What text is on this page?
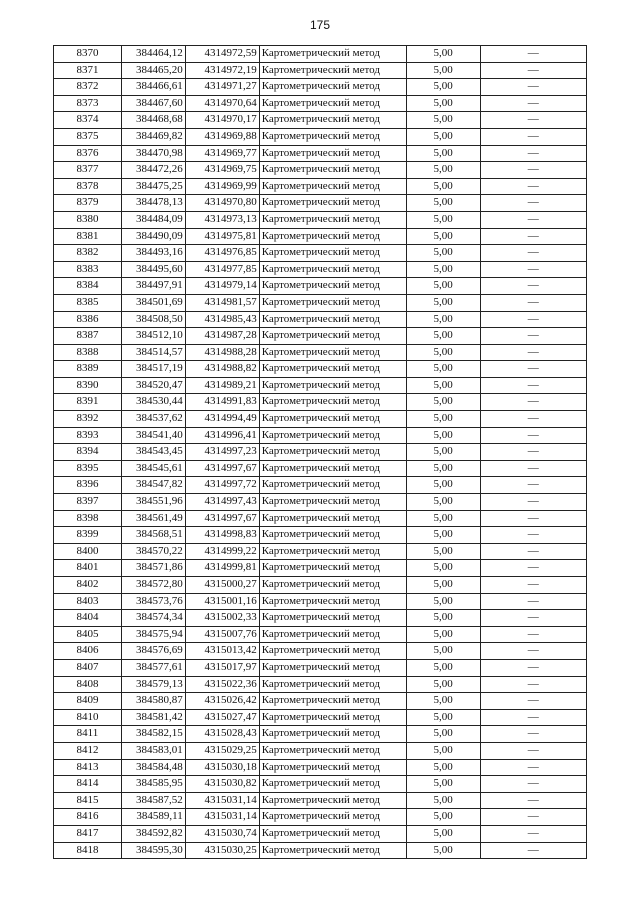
175
8370	384464,12	4314972,59	Картометрический метод	5,00	—
8371	384465,20	4314972,19	Картометрический метод	5,00	—
8372	384466,61	4314971,27	Картометрический метод	5,00	—
8373	384467,60	4314970,64	Картометрический метод	5,00	—
8374	384468,68	4314970,17	Картометрический метод	5,00	—
8375	384469,82	4314969,88	Картометрический метод	5,00	—
8376	384470,98	4314969,77	Картометрический метод	5,00	—
8377	384472,26	4314969,75	Картометрический метод	5,00	—
8378	384475,25	4314969,99	Картометрический метод	5,00	—
8379	384478,13	4314970,80	Картометрический метод	5,00	—
8380	384484,09	4314973,13	Картометрический метод	5,00	—
8381	384490,09	4314975,81	Картометрический метод	5,00	—
8382	384493,16	4314976,85	Картометрический метод	5,00	—
8383	384495,60	4314977,85	Картометрический метод	5,00	—
8384	384497,91	4314979,14	Картометрический метод	5,00	—
8385	384501,69	4314981,57	Картометрический метод	5,00	—
8386	384508,50	4314985,43	Картометрический метод	5,00	—
8387	384512,10	4314987,28	Картометрический метод	5,00	—
8388	384514,57	4314988,28	Картометрический метод	5,00	—
8389	384517,19	4314988,82	Картометрический метод	5,00	—
8390	384520,47	4314989,21	Картометрический метод	5,00	—
8391	384530,44	4314991,83	Картометрический метод	5,00	—
8392	384537,62	4314994,49	Картометрический метод	5,00	—
8393	384541,40	4314996,41	Картометрический метод	5,00	—
8394	384543,45	4314997,23	Картометрический метод	5,00	—
8395	384545,61	4314997,67	Картометрический метод	5,00	—
8396	384547,82	4314997,72	Картометрический метод	5,00	—
8397	384551,96	4314997,43	Картометрический метод	5,00	—
8398	384561,49	4314997,67	Картометрический метод	5,00	—
8399	384568,51	4314998,83	Картометрический метод	5,00	—
8400	384570,22	4314999,22	Картометрический метод	5,00	—
8401	384571,86	4314999,81	Картометрический метод	5,00	—
8402	384572,80	4315000,27	Картометрический метод	5,00	—
8403	384573,76	4315001,16	Картометрический метод	5,00	—
8404	384574,34	4315002,33	Картометрический метод	5,00	—
8405	384575,94	4315007,76	Картометрический метод	5,00	—
8406	384576,69	4315013,42	Картометрический метод	5,00	—
8407	384577,61	4315017,97	Картометрический метод	5,00	—
8408	384579,13	4315022,36	Картометрический метод	5,00	—
8409	384580,87	4315026,42	Картометрический метод	5,00	—
8410	384581,42	4315027,47	Картометрический метод	5,00	—
8411	384582,15	4315028,43	Картометрический метод	5,00	—
8412	384583,01	4315029,25	Картометрический метод	5,00	—
8413	384584,48	4315030,18	Картометрический метод	5,00	—
8414	384585,95	4315030,82	Картометрический метод	5,00	—
8415	384587,52	4315031,14	Картометрический метод	5,00	—
8416	384589,11	4315031,14	Картометрический метод	5,00	—
8417	384592,82	4315030,74	Картометрический метод	5,00	—
8418	384595,30	4315030,25	Картометрический метод	5,00	—
